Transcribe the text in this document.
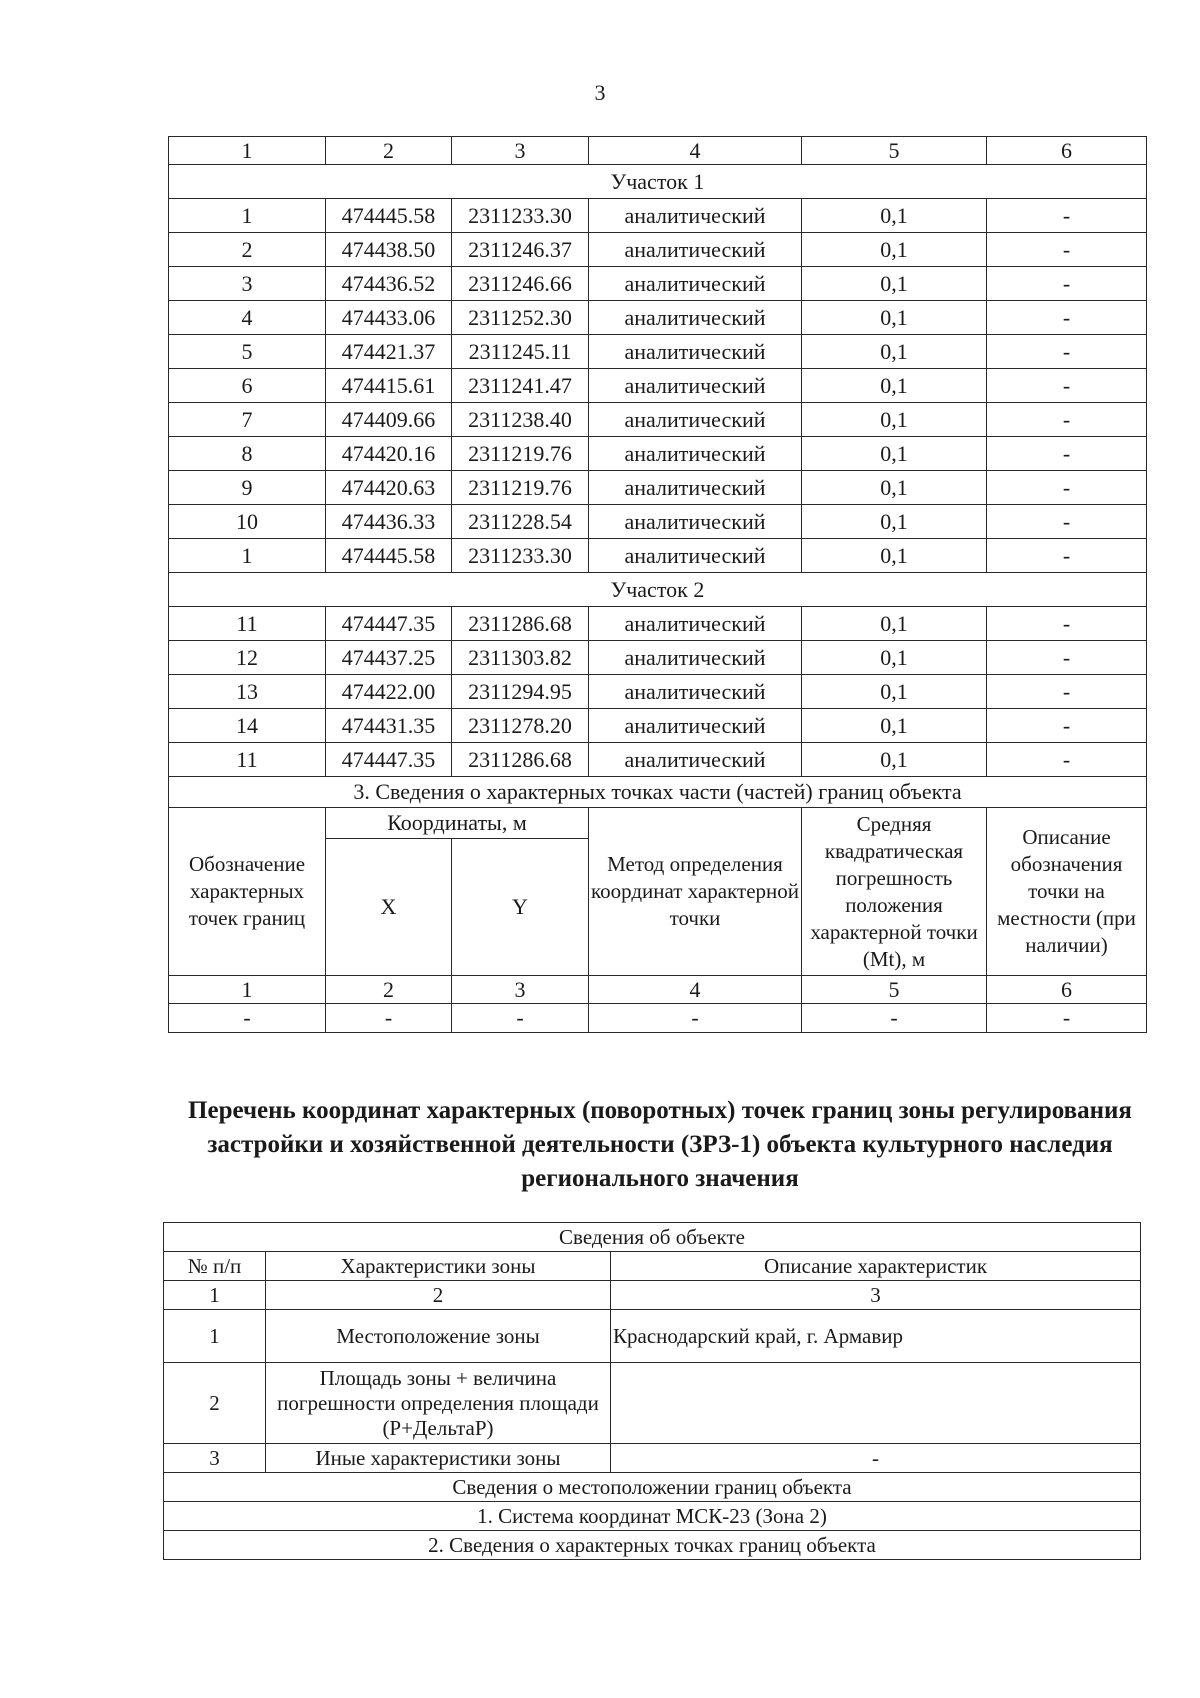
3
1	2	3	4	5	6
Участок 1					
1	474445.58	2311233.30	аналитический	0,1	-
2	474438.50	2311246.37	аналитический	0,1	-
3	474436.52	2311246.66	аналитический	0,1	-
4	474433.06	2311252.30	аналитический	0,1	-
5	474421.37	2311245.11	аналитический	0,1	-
6	474415.61	2311241.47	аналитический	0,1	-
7	474409.66	2311238.40	аналитический	0,1	-
8	474420.16	2311219.76	аналитический	0,1	-
9	474420.63	2311219.76	аналитический	0,1	-
10	474436.33	2311228.54	аналитический	0,1	-
1	474445.58	2311233.30	аналитический	0,1	-
Участок 2					
11	474447.35	2311286.68	аналитический	0,1	-
12	474437.25	2311303.82	аналитический	0,1	-
13	474422.00	2311294.95	аналитический	0,1	-
14	474431.35	2311278.20	аналитический	0,1	-
11	474447.35	2311286.68	аналитический	0,1	-
3. Сведения о характерных точках части (частей) границ объекта					
Обозначение характерных точек границ	Координаты, м		Метод определения координат характерной точки	Средняя квадратическая погрешность положения характерной точки (Mt), м	Описание обозначения точки на местности (при наличии)
	X	Y			
1	2	3	4	5	6
-	-	-	-	-	-
Перечень координат характерных (поворотных) точек границ зоны регулирования застройки и хозяйственной деятельности (ЗРЗ-1) объекта культурного наследия регионального значения
Сведения об объекте		
№ п/п	Характеристики зоны	Описание характеристик
1	2	3
1	Местоположение зоны	Краснодарский край, г. Армавир
2	Площадь зоны + величина погрешности определения площади (Р+ДельтаР)	
3	Иные характеристики зоны	-
Сведения о местоположении границ объекта		
1. Система координат МСК-23 (Зона 2)		
2. Сведения о характерных точках границ объекта		
